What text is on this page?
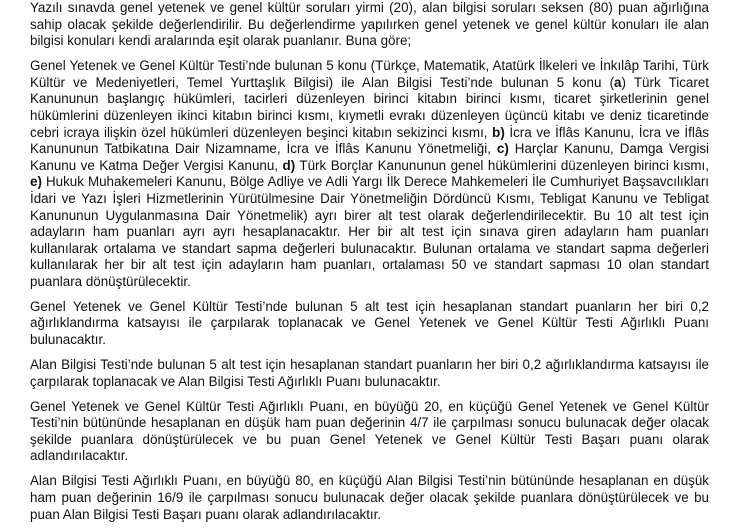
Yazılı sınavda genel yetenek ve genel kültür soruları yirmi (20), alan bilgisi soruları seksen (80) puan ağırlığına sahip olacak şekilde değerlendirilir. Bu değerlendirme yapılırken genel yetenek ve genel kültür konuları ile alan bilgisi konuları kendi aralarında eşit olarak puanlanır. Buna göre;

Genel Yetenek ve Genel Kültür Testi’nde bulunan 5 konu (Türkçe, Matematik, Atatürk İlkeleri ve İnkılâp Tarihi, Türk Kültür ve Medeniyetleri, Temel Yurttaşlık Bilgisi) ile Alan Bilgisi Testi’nde bulunan 5 konu (a) Türk Ticaret Kanununun başlangıç hükümleri, tacirleri düzenleyen birinci kitabın birinci kısmı, ticaret şirketlerinin genel hükümlerini düzenleyen ikinci kitabın birinci kısmı, kıymetli evrakı düzenleyen üçüncü kitabı ve deniz ticaretinde cebri icraya ilişkin özel hükümleri düzenleyen beşinci kitabın sekizinci kısmı, b) İcra ve İflâs Kanunu, İcra ve İflâs Kanununun Tatbikatına Dair Nizamname, İcra ve İflâs Kanunu Yönetmeliği, c) Harçlar Kanunu, Damga Vergisi Kanunu ve Katma Değer Vergisi Kanunu, d) Türk Borçlar Kanununun genel hükümlerini düzenleyen birinci kısmı, e) Hukuk Muhakemeleri Kanunu, Bölge Adliye ve Adli Yargı İlk Derece Mahkemeleri İle Cumhuriyet Başsavcılıkları İdari ve Yazı İşleri Hizmetlerinin Yürütülmesine Dair Yönetmeliğin Dördüncü Kısmı, Tebligat Kanunu ve Tebligat Kanununun Uygulanmasına Dair Yönetmelik) ayrı birer alt test olarak değerlendirilecektir. Bu 10 alt test için adayların ham puanları ayrı ayrı hesaplanacaktır. Her bir alt test için sınava giren adayların ham puanları kullanılarak ortalama ve standart sapma değerleri bulunacaktır. Bulunan ortalama ve standart sapma değerleri kullanılarak her bir alt test için adayların ham puanları, ortalaması 50 ve standart sapması 10 olan standart puanlara dönüştürülecektir.

Genel Yetenek ve Genel Kültür Testi’nde bulunan 5 alt test için hesaplanan standart puanların her biri 0,2 ağırlıklandırma katsayısı ile çarpılarak toplanacak ve Genel Yetenek ve Genel Kültür Testi Ağırlıklı Puanı bulunacaktır.

Alan Bilgisi Testi’nde bulunan 5 alt test için hesaplanan standart puanların her biri 0,2 ağırlıklandırma katsayısı ile çarpılarak toplanacak ve Alan Bilgisi Testi Ağırlıklı Puanı bulunacaktır.

Genel Yetenek ve Genel Kültür Testi Ağırlıklı Puanı, en büyüğü 20, en küçüğü Genel Yetenek ve Genel Kültür Testi’nin bütününde hesaplanan en düşük ham puan değerinin 4/7 ile çarpılması sonucu bulunacak değer olacak şekilde puanlara dönüştürülecek ve bu puan Genel Yetenek ve Genel Kültür Testi Başarı puanı olarak adlandırılacaktır.

Alan Bilgisi Testi Ağırlıklı Puanı, en büyüğü 80, en küçüğü Alan Bilgisi Testi’nin bütününde hesaplanan en düşük ham puan değerinin 16/9 ile çarpılması sonucu bulunacak değer olacak şekilde puanlara dönüştürülecek ve bu puan Alan Bilgisi Testi Başarı puanı olarak adlandırılacaktır.
